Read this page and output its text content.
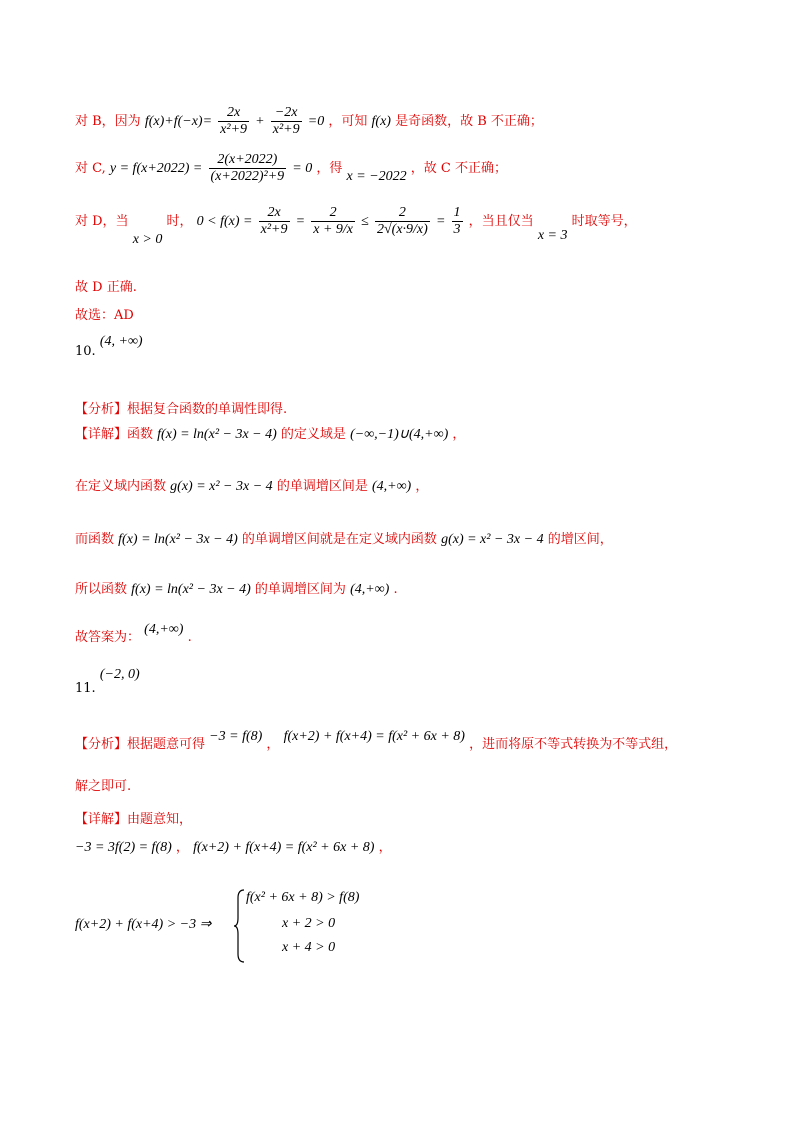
对 B，因为 $f(x)+f(-x)= \frac{2x}{\text{x²+9}} + \frac{-2x}{\text{x²+9}} =0$ ，可知 f(x) 是奇函数，故 B 不正确；
对 C, $y = f(x+2022) = \frac{2(x+2022)}{\text{(x+2022)²+9}} = 0$ ，得 x = −2022 ，故 C 不正确；
对 D，当 x > 0 时， $0 < f(x) = \frac{2x}{\text{x²+9}} = \frac{2}{x + 9/x} \le \frac{2}{2√(x\cdot 9/x)} = \frac{1}{3}$ ，当且仅当 x = 3 时取等号，
故 D 正确.
故选：AD
10. (4, +∞)
【分析】根据复合函数的单调性即得.
【详解】函数 f(x) = ln(x² − 3x − 4) 的定义域是 (−∞,−1)∪(4,+∞) ，
在定义域内函数 g(x) = x² − 3x − 4 的单调增区间是 (4,+∞) ，
而函数 f(x) = ln(x² − 3x − 4) 的单调增区间就是在定义域内函数 g(x) = x² − 3x − 4 的增区间，
所以函数 f(x) = ln(x² − 3x − 4) 的单调增区间为 (4,+∞) .
故答案为： (4,+∞) .
11. (−2, 0)
【分析】根据题意可得 −3 = f(8) ， f(x+2) + f(x+4) = f(x² + 6x + 8) ，进而将原不等式转换为不等式组，
解之即可.
【详解】由题意知，
−3 = 3f(2) = f(8) ， f(x+2) + f(x+4) = f(x² + 6x + 8) ，
f(x+2) + f(x+4) > −3 ⇒
f(x² + 6x + 8) > f(8)
x + 2 > 0
x + 4 > 0
